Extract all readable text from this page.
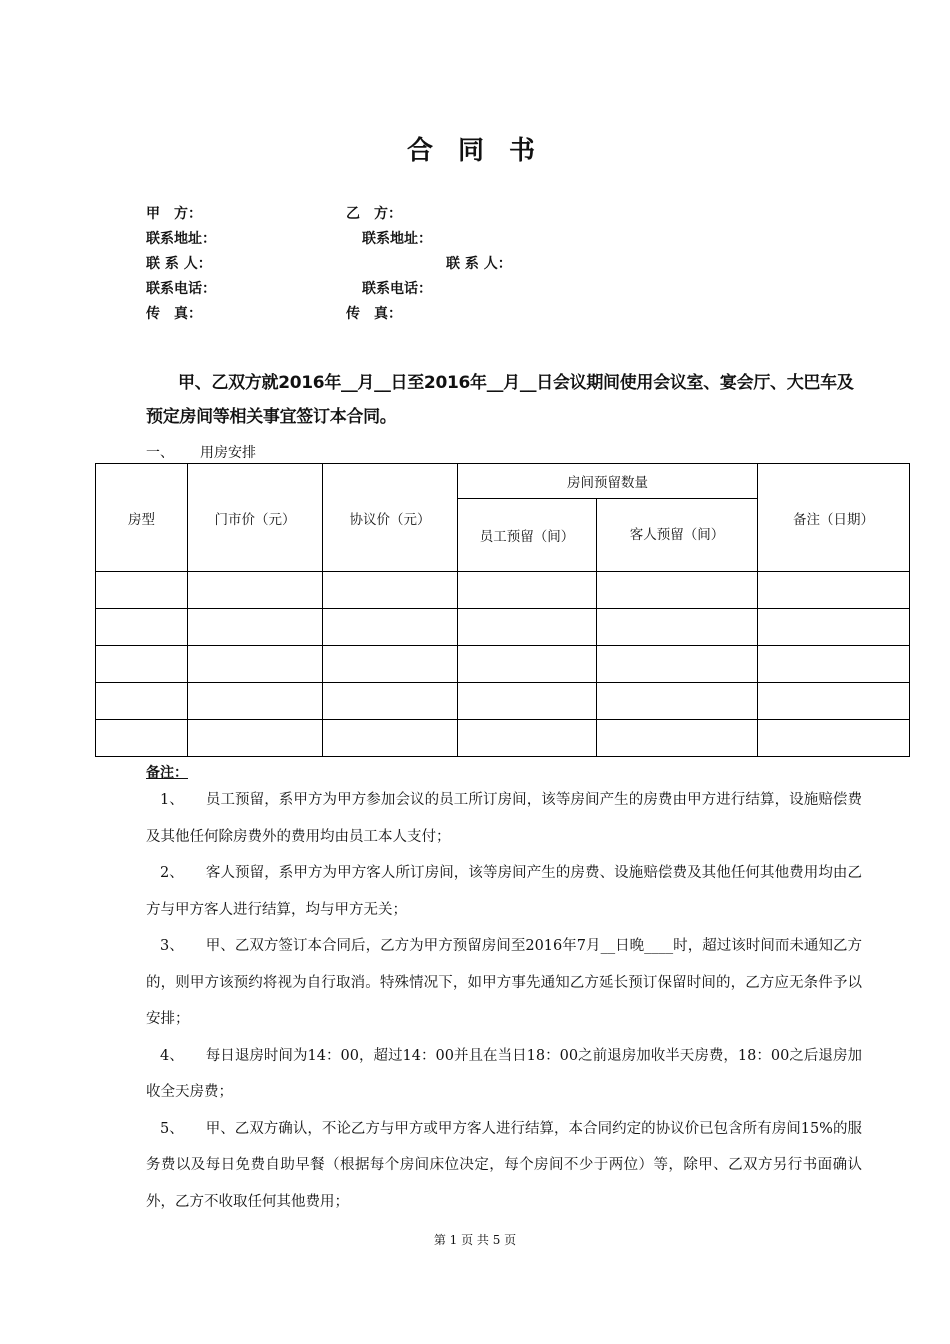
合 同 书
甲　方：	乙　方：
联系地址：	联系地址：
联 系 人：	联 系 人：
联系电话：	联系电话：
传　真：	传　真：
甲、乙双方就2016年__月__日至2016年__月__日会议期间使用会议室、宴会厅、大巴车及预定房间等相关事宜签订本合同。
一、 用房安排
房型	门市价（元）	协议价（元）	房间预留数量		备注（日期）
			员工预留（间）	客人预留（间）	

备注：
1、 员工预留，系甲方为甲方参加会议的员工所订房间，该等房间产生的房费由甲方进行结算，设施赔偿费及其他任何除房费外的费用均由员工本人支付；
2、 客人预留，系甲方为甲方客人所订房间，该等房间产生的房费、设施赔偿费及其他任何其他费用均由乙方与甲方客人进行结算，均与甲方无关；
3、 甲、乙双方签订本合同后，乙方为甲方预留房间至2016年7月__日晚____时，超过该时间而未通知乙方的，则甲方该预约将视为自行取消。特殊情况下，如甲方事先通知乙方延长预订保留时间的，乙方应无条件予以安排；
4、 每日退房时间为14：00，超过14：00并且在当日18：00之前退房加收半天房费，18：00之后退房加收全天房费；
5、 甲、乙双方确认，不论乙方与甲方或甲方客人进行结算，本合同约定的协议价已包含所有房间15%的服务费以及每日免费自助早餐（根据每个房间床位决定，每个房间不少于两位）等，除甲、乙双方另行书面确认外，乙方不收取任何其他费用；
第 1 页 共 5 页
